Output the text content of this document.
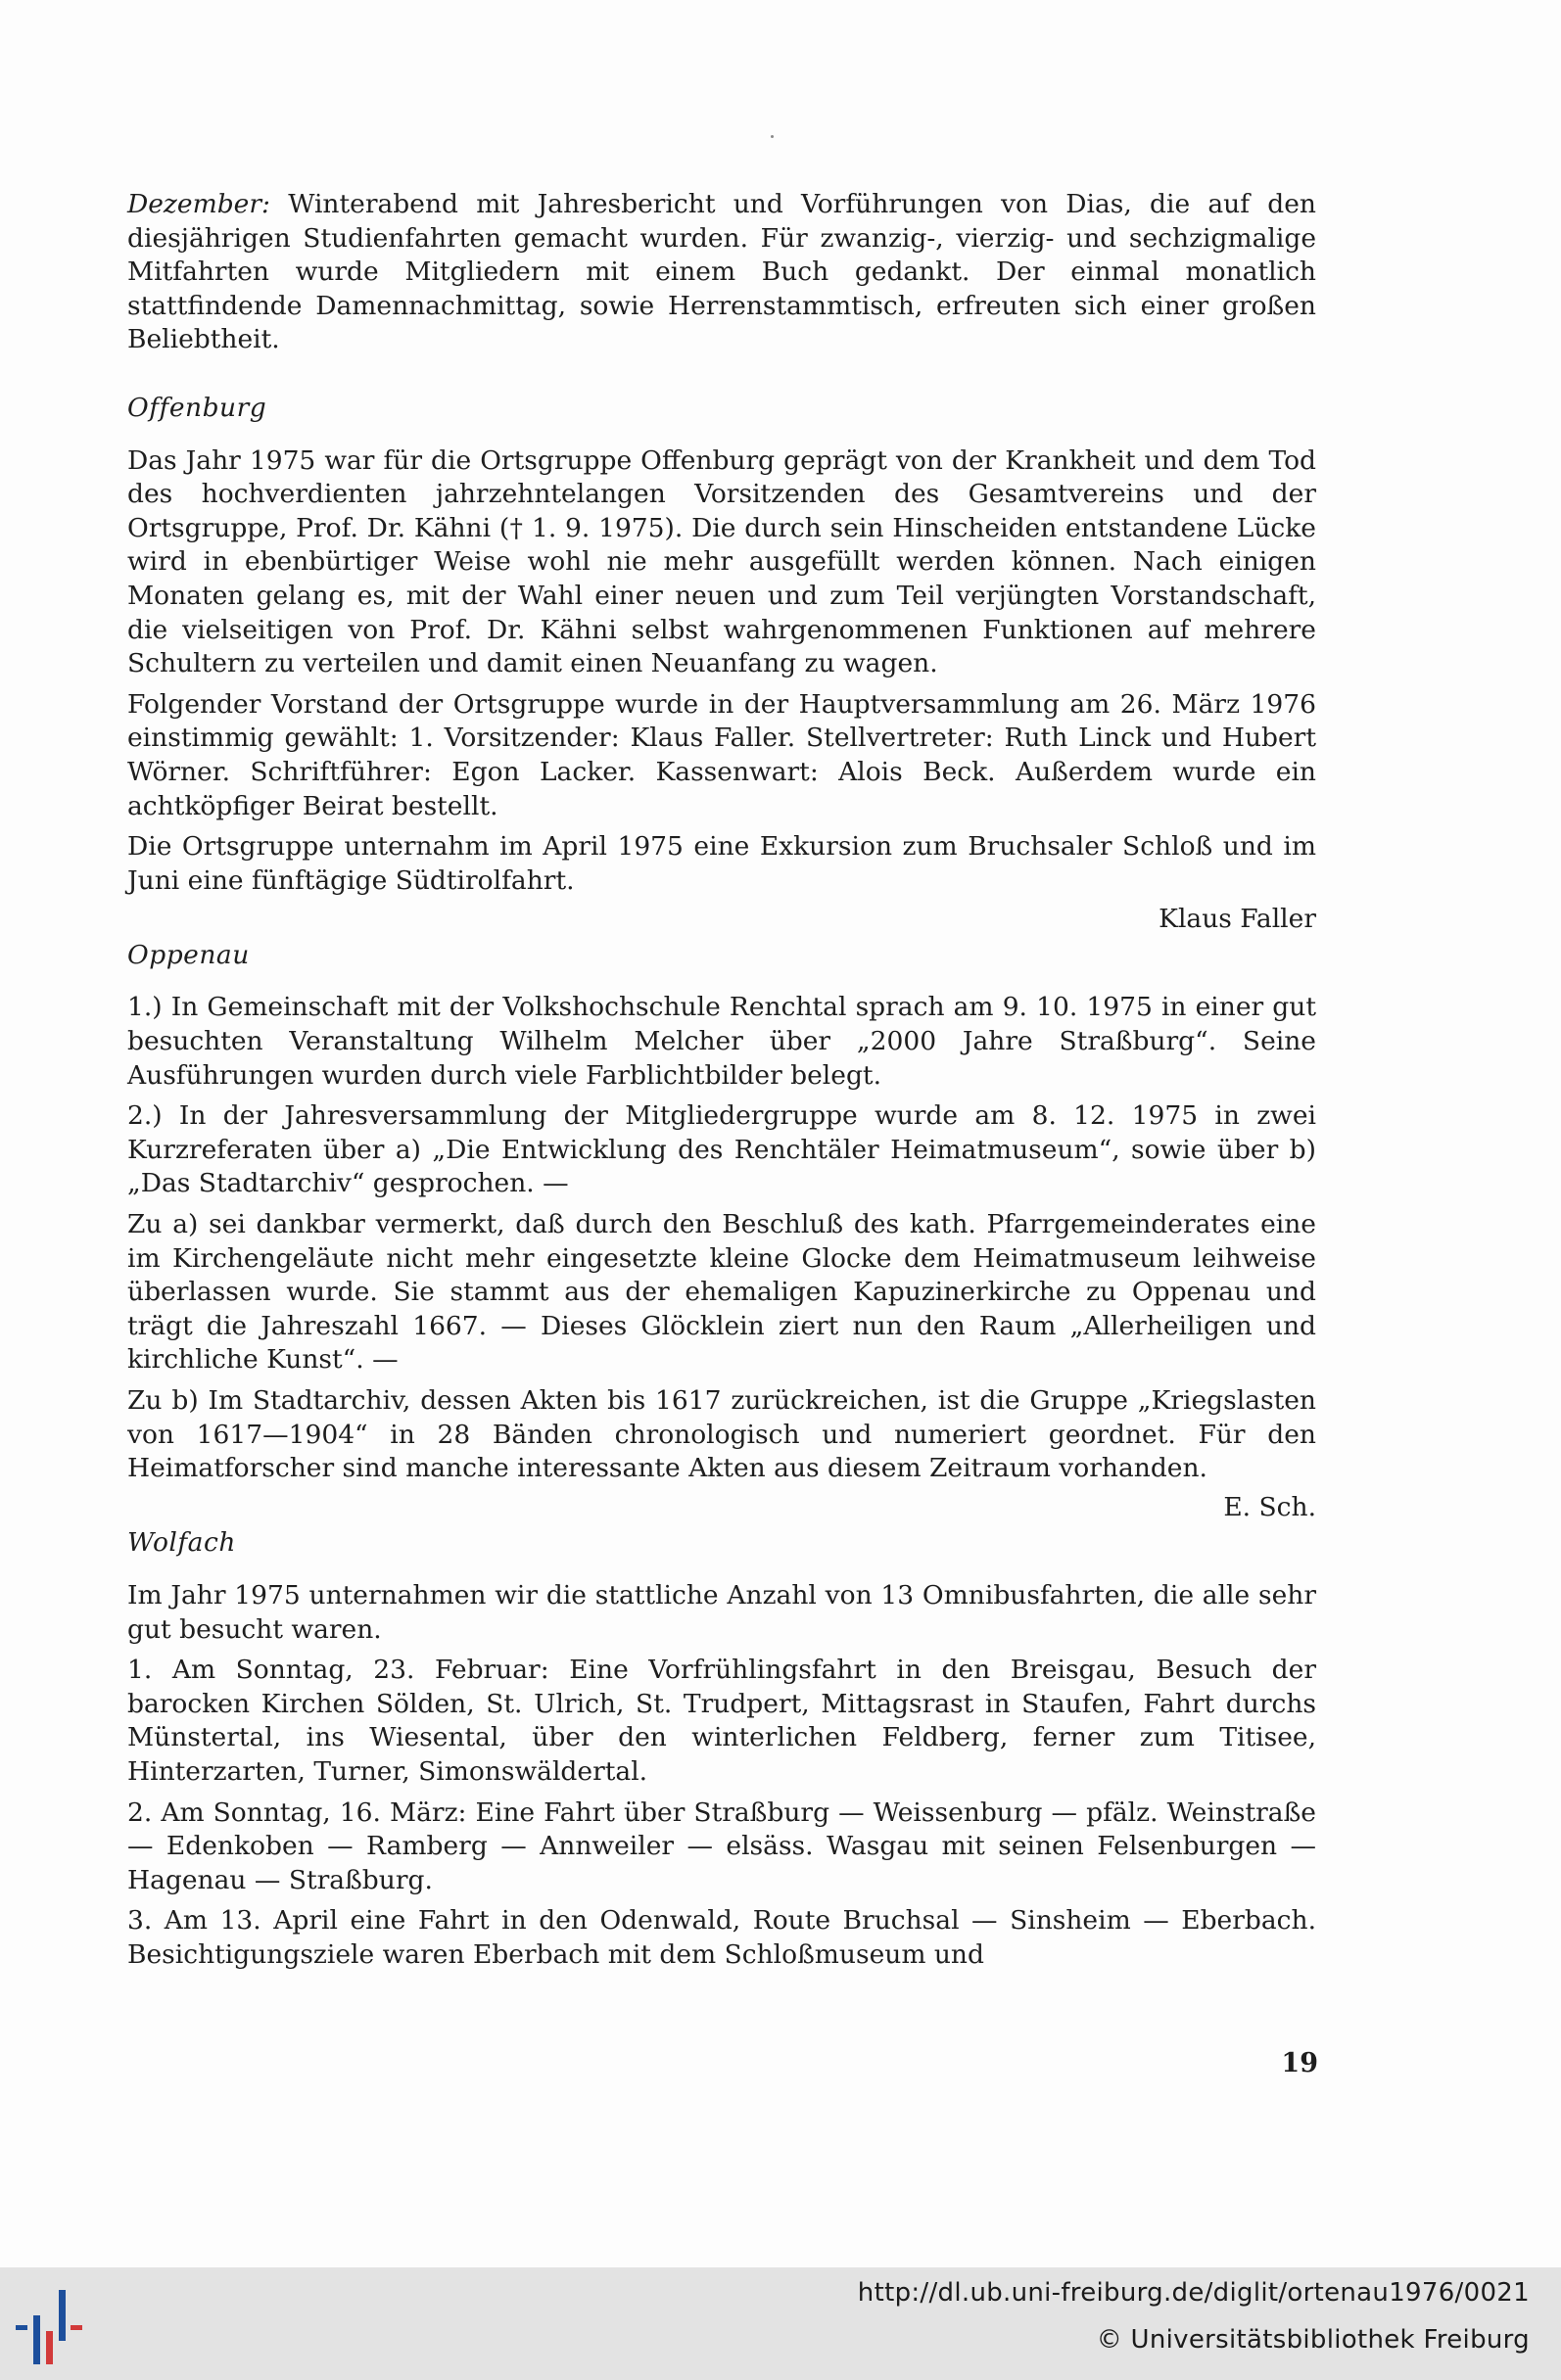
Dezember: Winterabend mit Jahresbericht und Vorführungen von Dias, die auf den diesjährigen Studienfahrten gemacht wurden. Für zwanzig-, vierzig- und sechzigmalige Mitfahrten wurde Mitgliedern mit einem Buch gedankt. Der einmal monatlich stattfindende Damennachmittag, sowie Herrenstammtisch, erfreuten sich einer großen Beliebtheit.

Offenburg

Das Jahr 1975 war für die Ortsgruppe Offenburg geprägt von der Krankheit und dem Tod des hochverdienten jahrzehntelangen Vorsitzenden des Gesamtvereins und der Ortsgruppe, Prof. Dr. Kähni († 1. 9. 1975). Die durch sein Hinscheiden entstandene Lücke wird in ebenbürtiger Weise wohl nie mehr ausgefüllt werden können. Nach einigen Monaten gelang es, mit der Wahl einer neuen und zum Teil verjüngten Vorstandschaft, die vielseitigen von Prof. Dr. Kähni selbst wahrgenommenen Funktionen auf mehrere Schultern zu verteilen und damit einen Neuanfang zu wagen.

Folgender Vorstand der Ortsgruppe wurde in der Hauptversammlung am 26. März 1976 einstimmig gewählt: 1. Vorsitzender: Klaus Faller. Stellvertreter: Ruth Linck und Hubert Wörner. Schriftführer: Egon Lacker. Kassenwart: Alois Beck. Außerdem wurde ein achtköpfiger Beirat bestellt.

Die Ortsgruppe unternahm im April 1975 eine Exkursion zum Bruchsaler Schloß und im Juni eine fünftägige Südtirolfahrt.

Klaus Faller

Oppenau

1.) In Gemeinschaft mit der Volkshochschule Renchtal sprach am 9. 10. 1975 in einer gut besuchten Veranstaltung Wilhelm Melcher über „2000 Jahre Straßburg“. Seine Ausführungen wurden durch viele Farblichtbilder belegt.

2.) In der Jahresversammlung der Mitgliedergruppe wurde am 8. 12. 1975 in zwei Kurzreferaten über a) „Die Entwicklung des Renchtäler Heimatmuseum“, sowie über b) „Das Stadtarchiv“ gesprochen. —

Zu a) sei dankbar vermerkt, daß durch den Beschluß des kath. Pfarrgemeinderates eine im Kirchengeläute nicht mehr eingesetzte kleine Glocke dem Heimatmuseum leihweise überlassen wurde. Sie stammt aus der ehemaligen Kapuzinerkirche zu Oppenau und trägt die Jahreszahl 1667. — Dieses Glöcklein ziert nun den Raum „Allerheiligen und kirchliche Kunst“. —

Zu b) Im Stadtarchiv, dessen Akten bis 1617 zurückreichen, ist die Gruppe „Kriegslasten von 1617—1904“ in 28 Bänden chronologisch und numeriert geordnet. Für den Heimatforscher sind manche interessante Akten aus diesem Zeitraum vorhanden.

E. Sch.

Wolfach

Im Jahr 1975 unternahmen wir die stattliche Anzahl von 13 Omnibusfahrten, die alle sehr gut besucht waren.

1. Am Sonntag, 23. Februar: Eine Vorfrühlingsfahrt in den Breisgau, Besuch der barocken Kirchen Sölden, St. Ulrich, St. Trudpert, Mittagsrast in Staufen, Fahrt durchs Münstertal, ins Wiesental, über den winterlichen Feldberg, ferner zum Titisee, Hinterzarten, Turner, Simonswäldertal.

2. Am Sonntag, 16. März: Eine Fahrt über Straßburg — Weissenburg — pfälz. Weinstraße — Edenkoben — Ramberg — Annweiler — elsäss. Wasgau mit seinen Felsenburgen — Hagenau — Straßburg.

3. Am 13. April eine Fahrt in den Odenwald, Route Bruchsal — Sinsheim — Eberbach. Besichtigungsziele waren Eberbach mit dem Schloßmuseum und

19
http://dl.ub.uni-freiburg.de/diglit/ortenau1976/0021
© Universitätsbibliothek Freiburg
